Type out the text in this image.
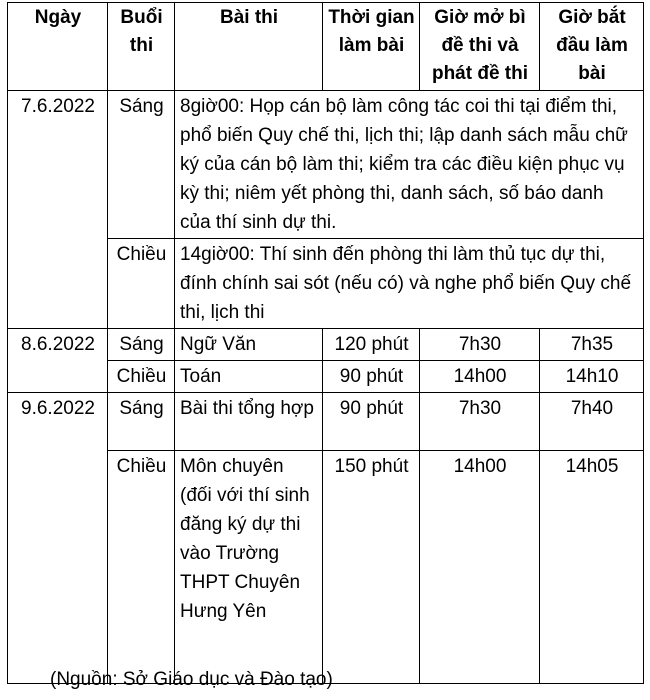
Ngày	Buổi thi	Bài thi	Thời gian làm bài	Giờ mở bì đề thi và phát đề thi	Giờ bắt đầu làm bài
7.6.2022	Sáng	8giờ00: Họp cán bộ làm công tác coi thi tại điểm thi, phổ biến Quy chế thi, lịch thi; lập danh sách mẫu chữ ký của cán bộ làm thi; kiểm tra các điều kiện phục vụ kỳ thi; niêm yết phòng thi, danh sách, số báo danh của thí sinh dự thi.			
	Chiều	14giờ00: Thí sinh đến phòng thi làm thủ tục dự thi, đính chính sai sót (nếu có) và nghe phổ biến Quy chế thi, lịch thi			
8.6.2022	Sáng	Ngữ Văn	120 phút	7h30	7h35
	Chiều	Toán	90 phút	14h00	14h10
9.6.2022	Sáng	Bài thi tổng hợp	90 phút	7h30	7h40
	Chiều	Môn chuyên (đối với thí sinh đăng ký dự thi vào Trường THPT Chuyên Hưng Yên	150 phút	14h00	14h05
(Nguồn: Sở Giáo dục và Đào tạo)
